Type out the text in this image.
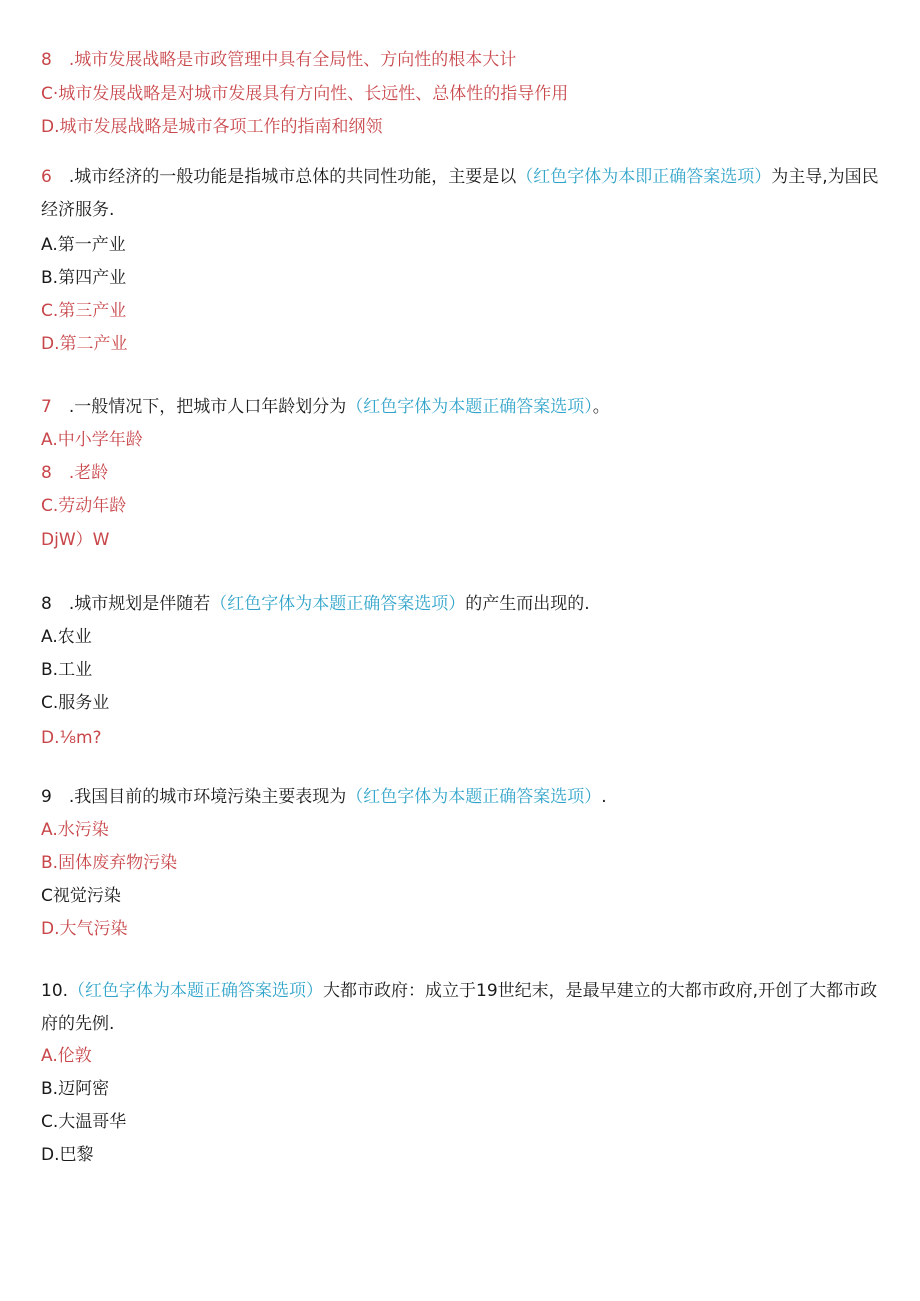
8　.城市发展战略是市政管理中具有全局性、方向性的根本大计
C·城市发展战略是对城市发展具有方向性、长远性、总体性的指导作用
D.城市发展战略是城市各项工作的指南和纲领
6　.城市经济的一般功能是指城市总体的共同性功能，主要是以（红色字体为本即正确答案选项）为主导,为国民经济服务.
A.第一产业
B.第四产业
C.第三产业
D.第二产业
7　.一般情况下，把城市人口年龄划分为（红色字体为本题正确答案选项）。
A.中小学年龄
8　.老龄
C.劳动年龄
DjW）W
8　.城市规划是伴随若（红色字体为本题正确答案选项）的产生而出现的.
A.农业
B.工业
C.服务业
D.⅛m?
9　.我国目前的城市环境污染主要表现为（红色字体为本题正确答案选项）.
A.水污染
B.固体废弃物污染
C视觉污染
D.大气污染
10.（红色字体为本题正确答案选项）大都市政府：成立于19世纪末，是最早建立的大都市政府,开创了大都市政府的先例.
A.伦敦
B.迈阿密
C.大温哥华
D.巴黎
